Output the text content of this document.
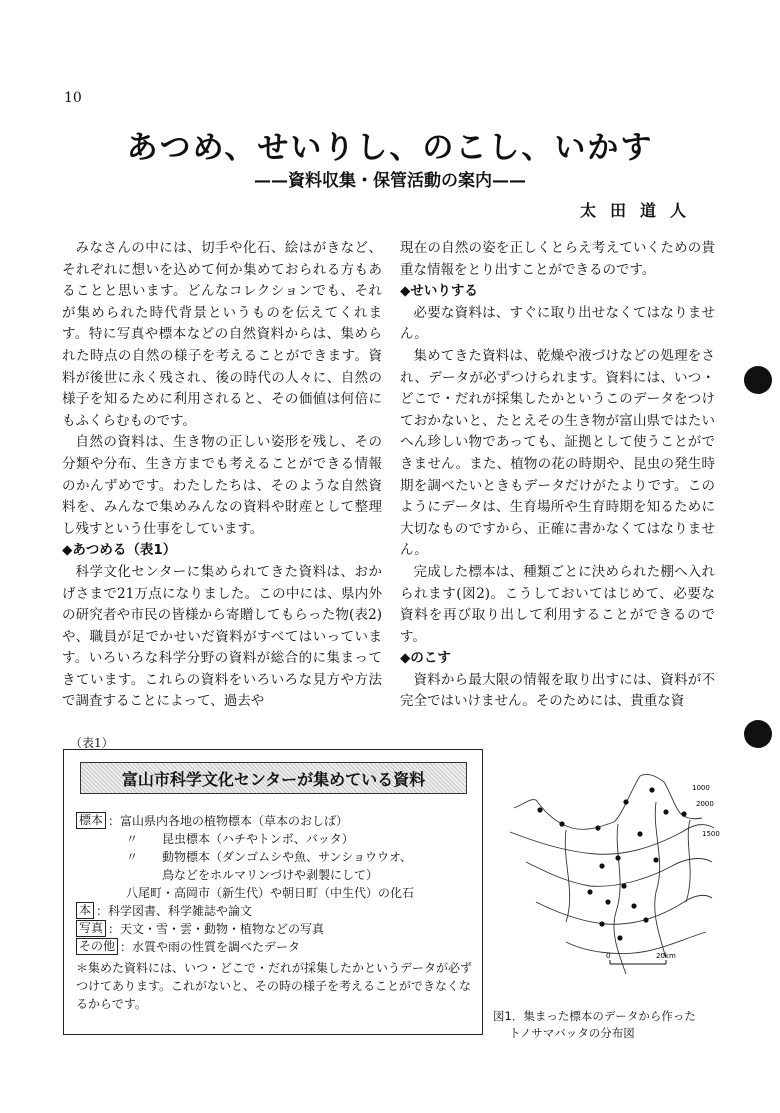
10
あつめ、せいりし、のこし、いかす
——資料収集・保管活動の案内——
太田道人

みなさんの中には、切手や化石、絵はがきなど、それぞれに想いを込めて何か集めておられる方もあることと思います。どんなコレクションでも、それが集められた時代背景というものを伝えてくれます。特に写真や標本などの自然資料からは、集められた時点の自然の様子を考えることができます。資料が後世に永く残され、後の時代の人々に、自然の様子を知るために利用されると、その価値は何倍にもふくらむものです。

自然の資料は、生き物の正しい姿形を残し、その分類や分布、生き方までも考えることができる情報のかんずめです。わたしたちは、そのような自然資料を、みんなで集めみんなの資料や財産として整理し残すという仕事をしています。

◆あつめる（表1）

科学文化センターに集められてきた資料は、おかげさまで21万点になりました。この中には、県内外の研究者や市民の皆様から寄贈してもらった物(表2)や、職員が足でかせいだ資料がすべてはいっています。いろいろな科学分野の資料が総合的に集まってきています。これらの資料をいろいろな見方や方法で調査することによって、過去や

現在の自然の姿を正しくとらえ考えていくための貴重な情報をとり出すことができるのです。

◆せいりする

必要な資料は、すぐに取り出せなくてはなりません。

集めてきた資料は、乾燥や液づけなどの処理をされ、データが必ずつけられます。資料には、いつ・どこで・だれが採集したかというこのデータをつけておかないと、たとえその生き物が富山県ではたいへん珍しい物であっても、証拠として使うことができません。また、植物の花の時期や、昆虫の発生時期を調べたいときもデータだけがたよりです。このようにデータは、生育場所や生育時期を知るために大切なものですから、正確に書かなくてはなりません。

完成した標本は、種類ごとに決められた棚へ入れられます(図2)。こうしておいてはじめて、必要な資料を再び取り出して利用することができるのです。

◆のこす

資料から最大限の情報を取り出すには、資料が不完全ではいけません。そのためには、貴重な資

（表1）
富山市科学文化センターが集めている資料
標本 ：富山県内各地の植物標本（草本のおしば）
〃　　昆虫標本（ハチやトンボ、バッタ）
〃　　動物標本（ダンゴムシや魚、サンショウウオ、
　　　鳥などをホルマリンづけや剥製にして）
八尾町・高岡市（新生代）や朝日町（中生代）の化石
本 ：科学図書、科学雑誌や論文
写真 ：天文・雪・雲・動物・植物などの写真
その他 ：水質や雨の性質を調べたデータ
＊集めた資料には、いつ・どこで・だれが採集したかというデータが必ずつけてあります。これがないと、その時の様子を考えることができなくなるからです。
2000
1000
1500
0	20km
図1．集まった標本のデータから作った
トノサマバッタの分布図
